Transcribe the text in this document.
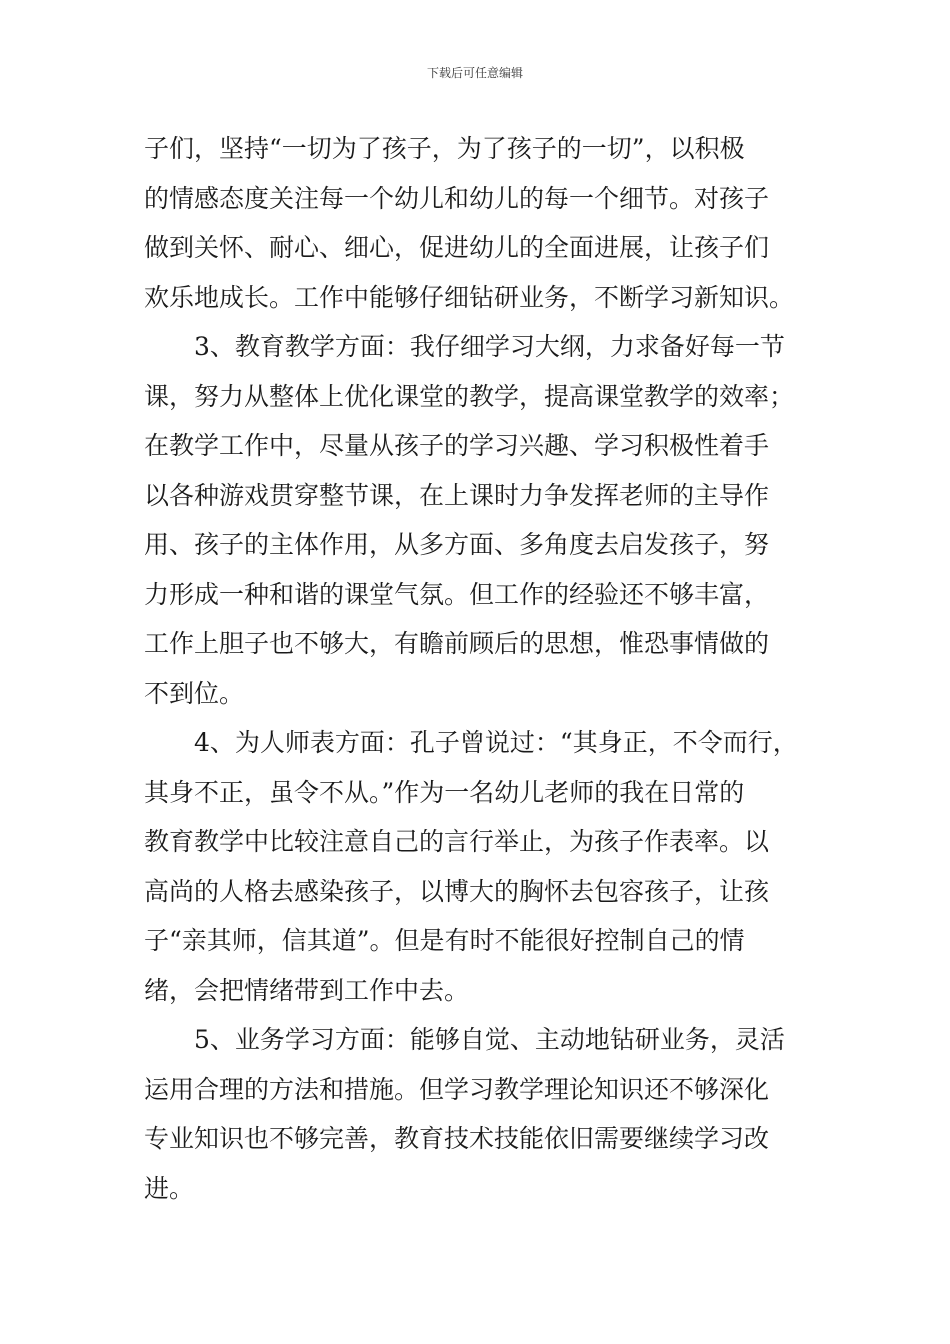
下载后可任意编辑
子们，坚持“一切为了孩子，为了孩子的一切”，以积极
的情感态度关注每一个幼儿和幼儿的每一个细节。对孩子
做到关怀、耐心、细心，促进幼儿的全面进展，让孩子们
欢乐地成长。工作中能够仔细钻研业务，不断学习新知识。
3、教育教学方面：我仔细学习大纲，力求备好每一节
课，努力从整体上优化课堂的教学，提高课堂教学的效率；
在教学工作中，尽量从孩子的学习兴趣、学习积极性着手
以各种游戏贯穿整节课，在上课时力争发挥老师的主导作
用、孩子的主体作用，从多方面、多角度去启发孩子，努
力形成一种和谐的课堂气氛。但工作的经验还不够丰富，
工作上胆子也不够大，有瞻前顾后的思想，惟恐事情做的
不到位。
4、为人师表方面：孔子曾说过：“其身正，不令而行，
其身不正，虽令不从。”作为一名幼儿老师的我在日常的
教育教学中比较注意自己的言行举止，为孩子作表率。以
高尚的人格去感染孩子，以博大的胸怀去包容孩子，让孩
子“亲其师，信其道”。但是有时不能很好控制自己的情
绪，会把情绪带到工作中去。
5、业务学习方面：能够自觉、主动地钻研业务，灵活
运用合理的方法和措施。但学习教学理论知识还不够深化
专业知识也不够完善，教育技术技能依旧需要继续学习改
进。
